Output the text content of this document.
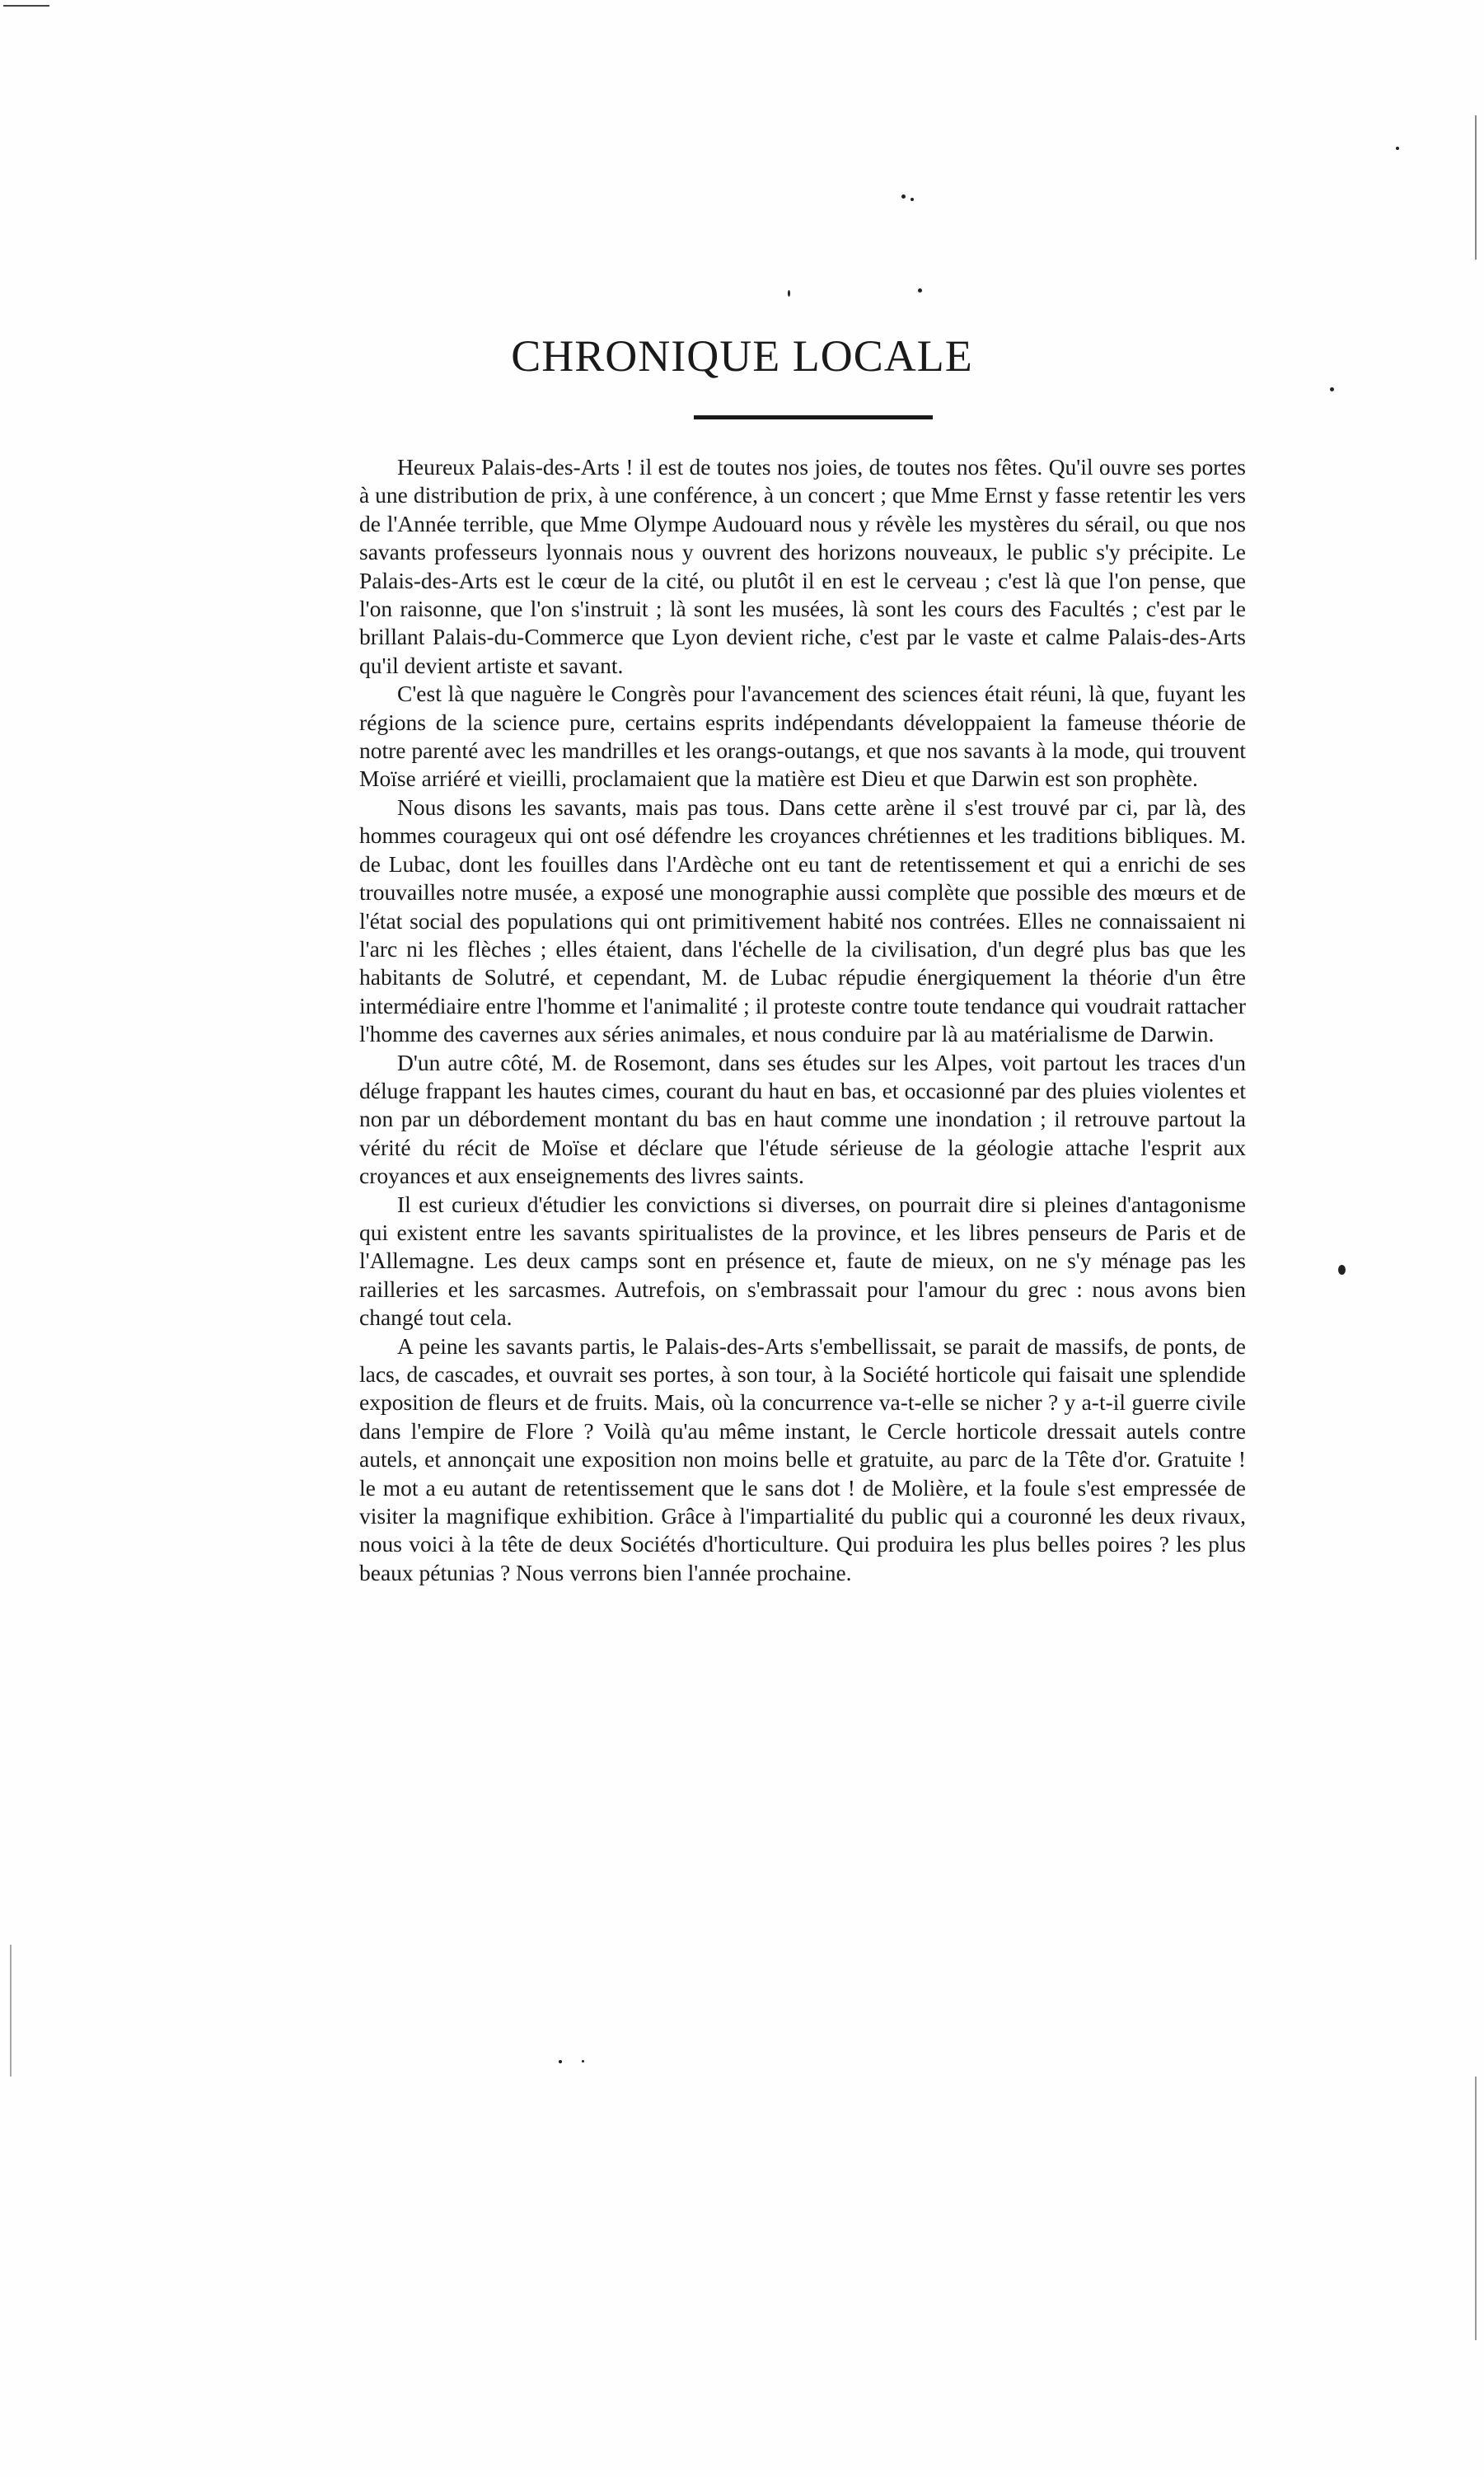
CHRONIQUE LOCALE

Heureux Palais-des-Arts ! il est de toutes nos joies, de toutes nos fêtes. Qu'il ouvre ses portes à une distribution de prix, à une conférence, à un concert ; que Mme Ernst y fasse retentir les vers de l'Année terrible, que Mme Olympe Audouard nous y révèle les mystères du sérail, ou que nos savants professeurs lyonnais nous y ouvrent des horizons nouveaux, le public s'y précipite. Le Palais-des-Arts est le cœur de la cité, ou plutôt il en est le cerveau ; c'est là que l'on pense, que l'on raisonne, que l'on s'instruit ; là sont les musées, là sont les cours des Facultés ; c'est par le brillant Palais-du-Commerce que Lyon devient riche, c'est par le vaste et calme Palais-des-Arts qu'il devient artiste et savant.

C'est là que naguère le Congrès pour l'avancement des sciences était réuni, là que, fuyant les régions de la science pure, certains esprits indépendants développaient la fameuse théorie de notre parenté avec les mandrilles et les orangs-outangs, et que nos savants à la mode, qui trouvent Moïse arriéré et vieilli, proclamaient que la matière est Dieu et que Darwin est son prophète.

Nous disons les savants, mais pas tous. Dans cette arène il s'est trouvé par ci, par là, des hommes courageux qui ont osé défendre les croyances chrétiennes et les traditions bibliques. M. de Lubac, dont les fouilles dans l'Ardèche ont eu tant de retentissement et qui a enrichi de ses trouvailles notre musée, a exposé une monographie aussi complète que possible des mœurs et de l'état social des populations qui ont primitivement habité nos contrées. Elles ne connaissaient ni l'arc ni les flèches ; elles étaient, dans l'échelle de la civilisation, d'un degré plus bas que les habitants de Solutré, et cependant, M. de Lubac répudie énergiquement la théorie d'un être intermédiaire entre l'homme et l'animalité ; il proteste contre toute tendance qui voudrait rattacher l'homme des cavernes aux séries animales, et nous conduire par là au matérialisme de Darwin.

D'un autre côté, M. de Rosemont, dans ses études sur les Alpes, voit partout les traces d'un déluge frappant les hautes cimes, courant du haut en bas, et occasionné par des pluies violentes et non par un débordement montant du bas en haut comme une inondation ; il retrouve partout la vérité du récit de Moïse et déclare que l'étude sérieuse de la géologie attache l'esprit aux croyances et aux enseignements des livres saints.

Il est curieux d'étudier les convictions si diverses, on pourrait dire si pleines d'antagonisme qui existent entre les savants spiritualistes de la province, et les libres penseurs de Paris et de l'Allemagne. Les deux camps sont en présence et, faute de mieux, on ne s'y ménage pas les railleries et les sarcasmes. Autrefois, on s'embrassait pour l'amour du grec : nous avons bien changé tout cela.

A peine les savants partis, le Palais-des-Arts s'embellissait, se parait de massifs, de ponts, de lacs, de cascades, et ouvrait ses portes, à son tour, à la Société horticole qui faisait une splendide exposition de fleurs et de fruits. Mais, où la concurrence va-t-elle se nicher ? y a-t-il guerre civile dans l'empire de Flore ? Voilà qu'au même instant, le Cercle horticole dressait autels contre autels, et annonçait une exposition non moins belle et gratuite, au parc de la Tête d'or. Gratuite ! le mot a eu autant de retentissement que le sans dot ! de Molière, et la foule s'est empressée de visiter la magnifique exhibition. Grâce à l'impartialité du public qui a couronné les deux rivaux, nous voici à la tête de deux Sociétés d'horticulture. Qui produira les plus belles poires ? les plus beaux pétunias ? Nous verrons bien l'année prochaine.
